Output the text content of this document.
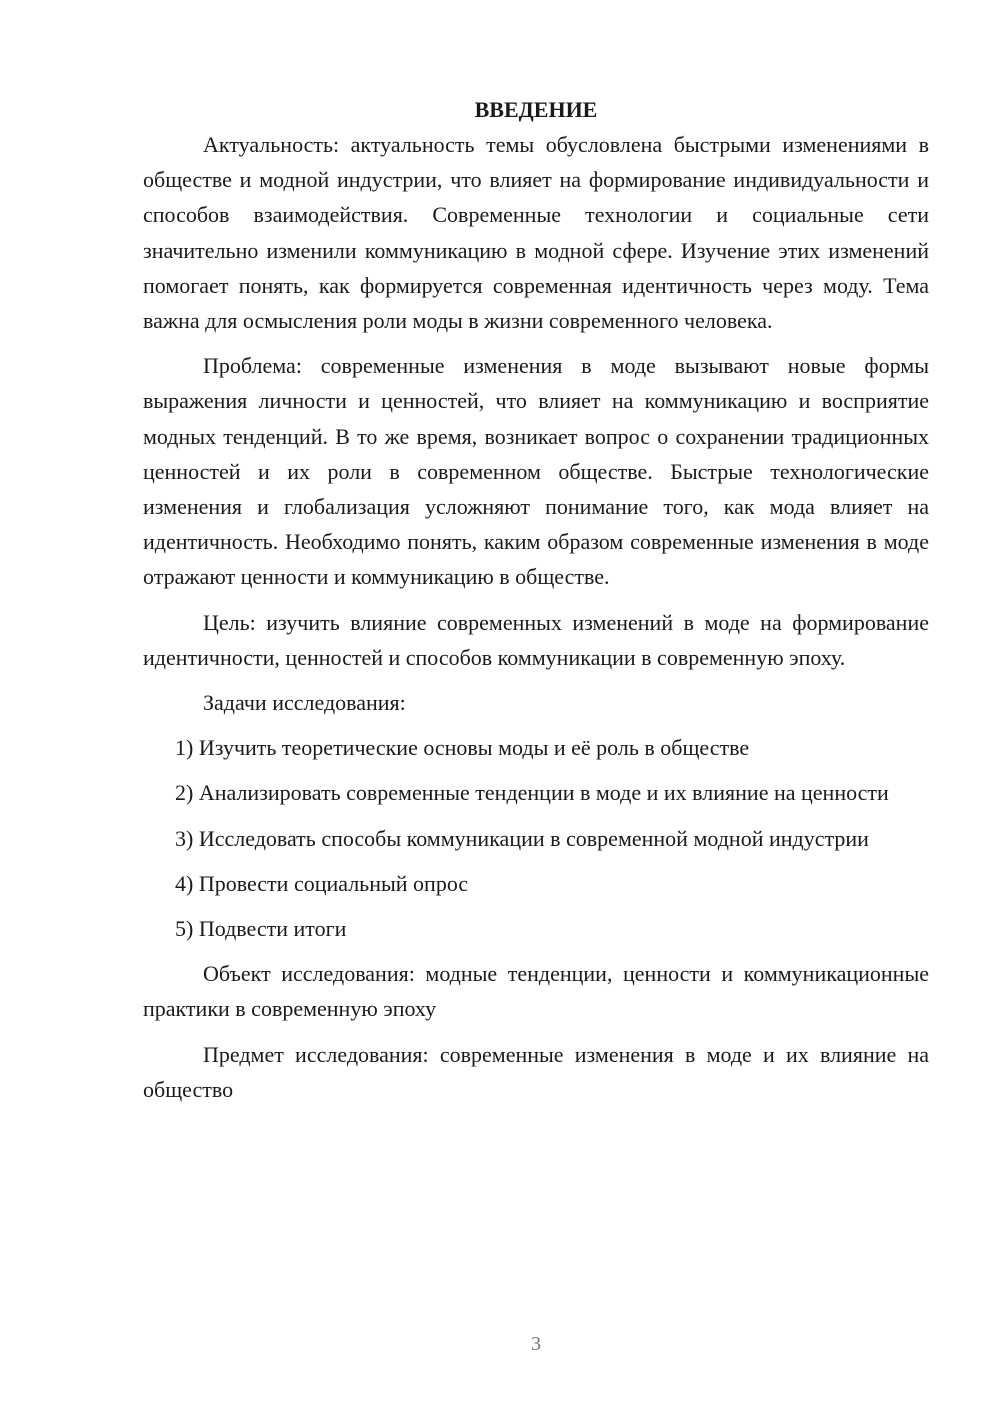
ВВЕДЕНИЕ

Актуальность: актуальность темы обусловлена быстрыми изменениями в обществе и модной индустрии, что влияет на формирование индивидуальности и способов взаимодействия. Современные технологии и социальные сети значительно изменили коммуникацию в модной сфере. Изучение этих изменений помогает понять, как формируется современная идентичность через моду. Тема важна для осмысления роли моды в жизни современного человека.

Проблема: современные изменения в моде вызывают новые формы выражения личности и ценностей, что влияет на коммуникацию и восприятие модных тенденций. В то же время, возникает вопрос о сохранении традиционных ценностей и их роли в современном обществе. Быстрые технологические изменения и глобализация усложняют понимание того, как мода влияет на идентичность. Необходимо понять, каким образом современные изменения в моде отражают ценности и коммуникацию в обществе.

Цель: изучить влияние современных изменений в моде на формирование идентичности, ценностей и способов коммуникации в современную эпоху.

Задачи исследования:

1) Изучить теоретические основы моды и её роль в обществе

2) Анализировать современные тенденции в моде и их влияние на ценности

3) Исследовать способы коммуникации в современной модной индустрии

4) Провести социальный опрос

5) Подвести итоги

Объект исследования: модные тенденции, ценности и коммуникационные практики в современную эпоху

Предмет исследования: современные изменения в моде и их влияние на общество

3
